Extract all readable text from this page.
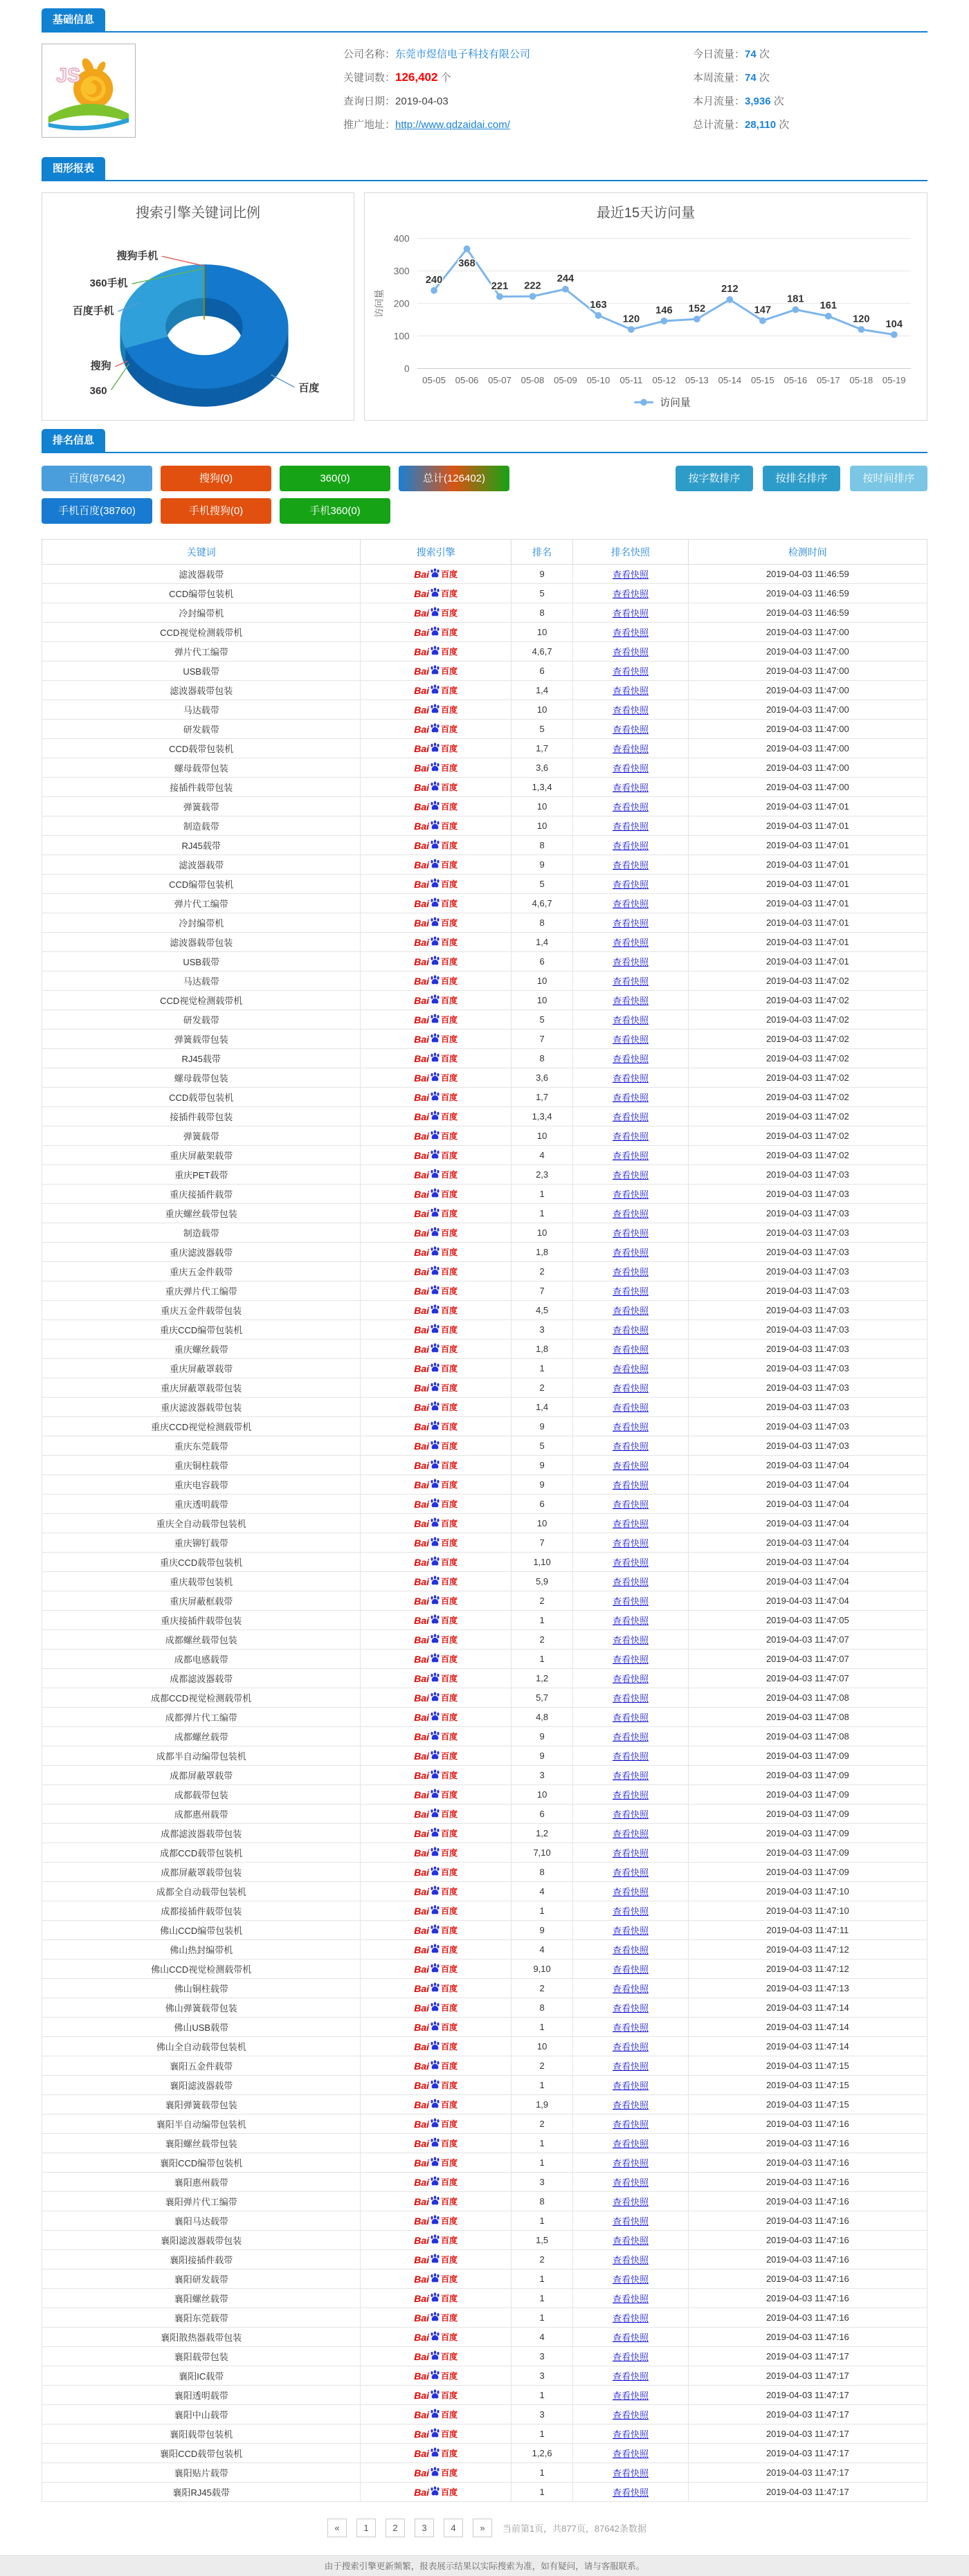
基础信息
JS
公司名称：东莞市煜信电子科技有限公司
关键词数：126,402 个
查询日期：2019-04-03
推广地址：http://www.qdzaidai.com/
今日流量：74 次
本周流量：74 次
本月流量：3,936 次
总计流量：28,110 次
图形报表
搜索引擎关键词比例
搜狗手机
360手机
百度手机
搜狗
360	百度
最近15天访问量
0
100
200
300
400
访问量
05-05 05-06 05-07 05-08 05-09 05-10 05-11 05-12 05-13 05-14 05-15 05-16 05-17 05-18 05-19
240
368
221 222
244
163
120
146 152
212
147
181
161
120 104
访问量
排名信息
百度(87642)	搜狗(0)	360(0)	总计(126402)
手机百度(38760)	手机搜狗(0)	手机360(0)
按字数排序	按排名排序	按时间排序
关键词	搜索引擎	排名	排名快照	检测时间
滤波器载带	Bai 百度	9	查看快照	2019-04-03 11:46:59
CCD编带包装机	Bai 百度	5	查看快照	2019-04-03 11:46:59
冷封编带机	Bai 百度	8	查看快照	2019-04-03 11:46:59
CCD视觉检测载带机	Bai 百度	10	查看快照	2019-04-03 11:47:00
弹片代工编带	Bai 百度	4,6,7	查看快照	2019-04-03 11:47:00
USB载带	Bai 百度	6	查看快照	2019-04-03 11:47:00
滤波器载带包装	Bai 百度	1,4	查看快照	2019-04-03 11:47:00
马达载带	Bai 百度	10	查看快照	2019-04-03 11:47:00
研发载带	Bai 百度	5	查看快照	2019-04-03 11:47:00
CCD载带包装机	Bai 百度	1,7	查看快照	2019-04-03 11:47:00
螺母载带包装	Bai 百度	3,6	查看快照	2019-04-03 11:47:00
接插件载带包装	Bai 百度	1,3,4	查看快照	2019-04-03 11:47:00
弹簧载带	Bai 百度	10	查看快照	2019-04-03 11:47:01
制造载带	Bai 百度	10	查看快照	2019-04-03 11:47:01
RJ45载带	Bai 百度	8	查看快照	2019-04-03 11:47:01
滤波器载带	Bai 百度	9	查看快照	2019-04-03 11:47:01
CCD编带包装机	Bai 百度	5	查看快照	2019-04-03 11:47:01
弹片代工编带	Bai 百度	4,6,7	查看快照	2019-04-03 11:47:01
冷封编带机	Bai 百度	8	查看快照	2019-04-03 11:47:01
滤波器载带包装	Bai 百度	1,4	查看快照	2019-04-03 11:47:01
USB载带	Bai 百度	6	查看快照	2019-04-03 11:47:01
马达载带	Bai 百度	10	查看快照	2019-04-03 11:47:02
CCD视觉检测载带机	Bai 百度	10	查看快照	2019-04-03 11:47:02
研发载带	Bai 百度	5	查看快照	2019-04-03 11:47:02
弹簧载带包装	Bai 百度	7	查看快照	2019-04-03 11:47:02
RJ45载带	Bai 百度	8	查看快照	2019-04-03 11:47:02
螺母载带包装	Bai 百度	3,6	查看快照	2019-04-03 11:47:02
CCD载带包装机	Bai 百度	1,7	查看快照	2019-04-03 11:47:02
接插件载带包装	Bai 百度	1,3,4	查看快照	2019-04-03 11:47:02
弹簧载带	Bai 百度	10	查看快照	2019-04-03 11:47:02
重庆屏蔽架载带	Bai 百度	4	查看快照	2019-04-03 11:47:02
重庆PET载带	Bai 百度	2,3	查看快照	2019-04-03 11:47:03
重庆接插件载带	Bai 百度	1	查看快照	2019-04-03 11:47:03
重庆螺丝载带包装	Bai 百度	1	查看快照	2019-04-03 11:47:03
制造载带	Bai 百度	10	查看快照	2019-04-03 11:47:03
重庆滤波器载带	Bai 百度	1,8	查看快照	2019-04-03 11:47:03
重庆五金件载带	Bai 百度	2	查看快照	2019-04-03 11:47:03
重庆弹片代工编带	Bai 百度	7	查看快照	2019-04-03 11:47:03
重庆五金件载带包装	Bai 百度	4,5	查看快照	2019-04-03 11:47:03
重庆CCD编带包装机	Bai 百度	3	查看快照	2019-04-03 11:47:03
重庆螺丝载带	Bai 百度	1,8	查看快照	2019-04-03 11:47:03
重庆屏蔽罩载带	Bai 百度	1	查看快照	2019-04-03 11:47:03
重庆屏蔽罩载带包装	Bai 百度	2	查看快照	2019-04-03 11:47:03
重庆滤波器载带包装	Bai 百度	1,4	查看快照	2019-04-03 11:47:03
重庆CCD视觉检测载带机	Bai 百度	9	查看快照	2019-04-03 11:47:03
重庆东莞载带	Bai 百度	5	查看快照	2019-04-03 11:47:03
重庆铜柱载带	Bai 百度	9	查看快照	2019-04-03 11:47:04
重庆电容载带	Bai 百度	9	查看快照	2019-04-03 11:47:04
重庆透明载带	Bai 百度	6	查看快照	2019-04-03 11:47:04
重庆全自动载带包装机	Bai 百度	10	查看快照	2019-04-03 11:47:04
重庆铆钉载带	Bai 百度	7	查看快照	2019-04-03 11:47:04
重庆CCD载带包装机	Bai 百度	1,10	查看快照	2019-04-03 11:47:04
重庆载带包装机	Bai 百度	5,9	查看快照	2019-04-03 11:47:04
重庆屏蔽框载带	Bai 百度	2	查看快照	2019-04-03 11:47:04
重庆接插件载带包装	Bai 百度	1	查看快照	2019-04-03 11:47:05
成都螺丝载带包装	Bai 百度	2	查看快照	2019-04-03 11:47:07
成都电感载带	Bai 百度	1	查看快照	2019-04-03 11:47:07
成都滤波器载带	Bai 百度	1,2	查看快照	2019-04-03 11:47:07
成都CCD视觉检测载带机	Bai 百度	5,7	查看快照	2019-04-03 11:47:08
成都弹片代工编带	Bai 百度	4,8	查看快照	2019-04-03 11:47:08
成都螺丝载带	Bai 百度	9	查看快照	2019-04-03 11:47:08
成都半自动编带包装机	Bai 百度	9	查看快照	2019-04-03 11:47:09
成都屏蔽罩载带	Bai 百度	3	查看快照	2019-04-03 11:47:09
成都载带包装	Bai 百度	10	查看快照	2019-04-03 11:47:09
成都惠州载带	Bai 百度	6	查看快照	2019-04-03 11:47:09
成都滤波器载带包装	Bai 百度	1,2	查看快照	2019-04-03 11:47:09
成都CCD载带包装机	Bai 百度	7,10	查看快照	2019-04-03 11:47:09
成都屏蔽罩载带包装	Bai 百度	8	查看快照	2019-04-03 11:47:09
成都全自动载带包装机	Bai 百度	4	查看快照	2019-04-03 11:47:10
成都接插件载带包装	Bai 百度	1	查看快照	2019-04-03 11:47:10
佛山CCD编带包装机	Bai 百度	9	查看快照	2019-04-03 11:47:11
佛山热封编带机	Bai 百度	4	查看快照	2019-04-03 11:47:12
佛山CCD视觉检测载带机	Bai 百度	9,10	查看快照	2019-04-03 11:47:12
佛山铜柱载带	Bai 百度	2	查看快照	2019-04-03 11:47:13
佛山弹簧载带包装	Bai 百度	8	查看快照	2019-04-03 11:47:14
佛山USB载带	Bai 百度	1	查看快照	2019-04-03 11:47:14
佛山全自动载带包装机	Bai 百度	10	查看快照	2019-04-03 11:47:14
襄阳五金件载带	Bai 百度	2	查看快照	2019-04-03 11:47:15
襄阳滤波器载带	Bai 百度	1	查看快照	2019-04-03 11:47:15
襄阳弹簧载带包装	Bai 百度	1,9	查看快照	2019-04-03 11:47:15
襄阳半自动编带包装机	Bai 百度	2	查看快照	2019-04-03 11:47:16
襄阳螺丝载带包装	Bai 百度	1	查看快照	2019-04-03 11:47:16
襄阳CCD编带包装机	Bai 百度	1	查看快照	2019-04-03 11:47:16
襄阳惠州载带	Bai 百度	3	查看快照	2019-04-03 11:47:16
襄阳弹片代工编带	Bai 百度	8	查看快照	2019-04-03 11:47:16
襄阳马达载带	Bai 百度	1	查看快照	2019-04-03 11:47:16
襄阳滤波器载带包装	Bai 百度	1,5	查看快照	2019-04-03 11:47:16
襄阳接插件载带	Bai 百度	2	查看快照	2019-04-03 11:47:16
襄阳研发载带	Bai 百度	1	查看快照	2019-04-03 11:47:16
襄阳螺丝载带	Bai 百度	1	查看快照	2019-04-03 11:47:16
襄阳东莞载带	Bai 百度	1	查看快照	2019-04-03 11:47:16
襄阳散热器载带包装	Bai 百度	4	查看快照	2019-04-03 11:47:16
襄阳载带包装	Bai 百度	3	查看快照	2019-04-03 11:47:17
襄阳IC载带	Bai 百度	3	查看快照	2019-04-03 11:47:17
襄阳透明载带	Bai 百度	1	查看快照	2019-04-03 11:47:17
襄阳中山载带	Bai 百度	3	查看快照	2019-04-03 11:47:17
襄阳载带包装机	Bai 百度	1	查看快照	2019-04-03 11:47:17
襄阳CCD载带包装机	Bai 百度	1,2,6	查看快照	2019-04-03 11:47:17
襄阳贴片载带	Bai 百度	1	查看快照	2019-04-03 11:47:17
襄阳RJ45载带	Bai 百度	1	查看快照	2019-04-03 11:47:17
«	1	2	3	4	»	当前第1页，共877页，87642条数据
由于搜索引擎更新频繁，报表展示结果以实际搜索为准，如有疑问，请与客服联系。
